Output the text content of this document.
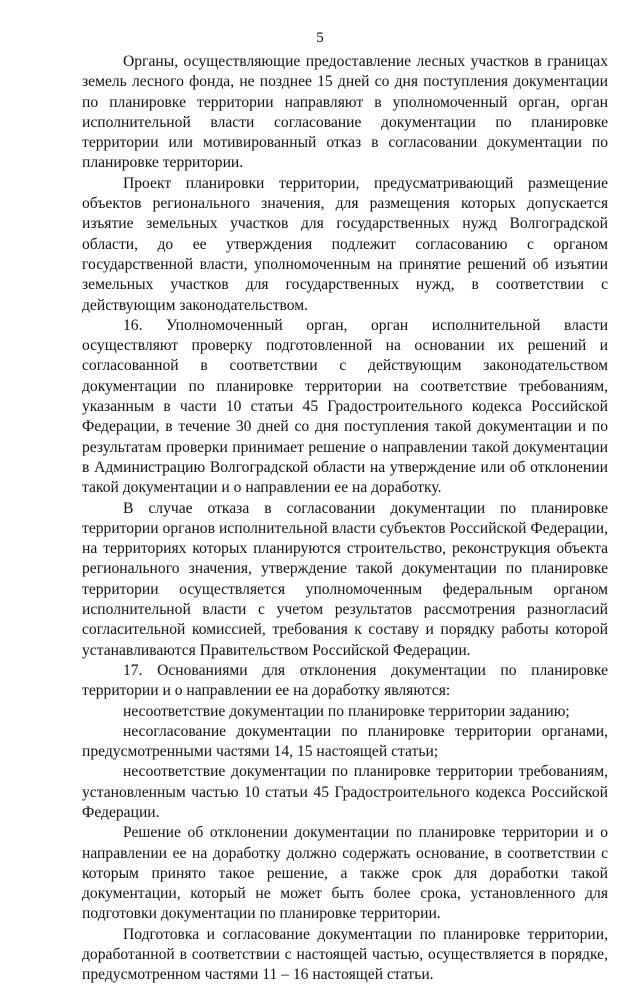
5

Органы, осуществляющие предоставление лесных участков в границах земель лесного фонда, не позднее 15 дней со дня поступления документации по планировке территории направляют в уполномоченный орган, орган исполнительной власти согласование документации по планировке территории или мотивированный отказ в согласовании документации по планировке территории.

Проект планировки территории, предусматривающий размещение объектов регионального значения, для размещения которых допускается изъятие земельных участков для государственных нужд Волгоградской области, до ее утверждения подлежит согласованию с органом государственной власти, уполномоченным на принятие решений об изъятии земельных участков для государственных нужд, в соответствии с действующим законодательством.

16. Уполномоченный орган, орган исполнительной власти осуществляют проверку подготовленной на основании их решений и согласованной в соответствии с действующим законодательством документации по планировке территории на соответствие требованиям, указанным в части 10 статьи 45 Градостроительного кодекса Российской Федерации, в течение 30 дней со дня поступления такой документации и по результатам проверки принимает решение о направлении такой документации в Администрацию Волгоградской области на утверждение или об отклонении такой документации и о направлении ее на доработку.

В случае отказа в согласовании документации по планировке территории органов исполнительной власти субъектов Российской Федерации, на территориях которых планируются строительство, реконструкция объекта регионального значения, утверждение такой документации по планировке территории осуществляется уполномоченным федеральным органом исполнительной власти с учетом результатов рассмотрения разногласий согласительной комиссией, требования к составу и порядку работы которой устанавливаются Правительством Российской Федерации.

17. Основаниями для отклонения документации по планировке территории и о направлении ее на доработку являются:

несоответствие документации по планировке территории заданию;

несогласование документации по планировке территории органами, предусмотренными частями 14, 15 настоящей статьи;

несоответствие документации по планировке территории требованиям, установленным частью 10 статьи 45 Градостроительного кодекса Российской Федерации.

Решение об отклонении документации по планировке территории и о направлении ее на доработку должно содержать основание, в соответствии с которым принято такое решение, а также срок для доработки такой документации, который не может быть более срока, установленного для подготовки документации по планировке территории.

Подготовка и согласование документации по планировке территории, доработанной в соответствии с настоящей частью, осуществляется в порядке, предусмотренном частями 11 – 16 настоящей статьи.
